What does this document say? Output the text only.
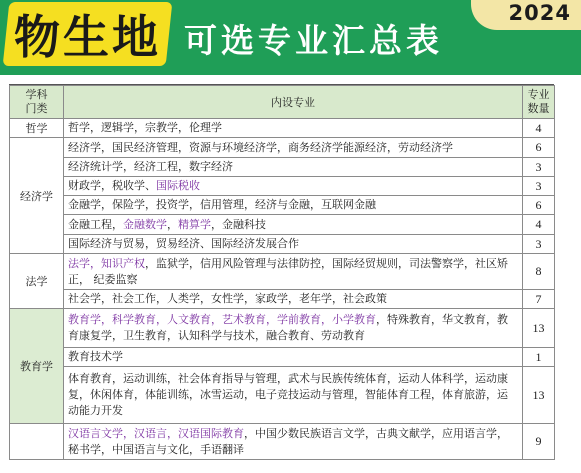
2024
物生地 可选专业汇总表
学科门类	内设专业	专业数量
哲学	哲学，逻辑学，宗教学，伦理学	4
经济学	经济学，国民经济管理，资源与环境经济学，商务经济学能源经济，劳动经济学	6
	经济统计学，经济工程，数字经济	3
	财政学，税收学、国际税收	3
	金融学，保险学，投资学，信用管理，经济与金融，互联网金融	6
	金融工程，金融数学，精算学，金融科技	4
	国际经济与贸易，贸易经济、国际经济发展合作	3
法学	法学，知识产权，监狱学，信用风险管理与法律防控，国际经贸规则，司法警察学，社区矫正， 纪委监察	8
	社会学，社会工作，人类学，女性学，家政学，老年学，社会政策	7
教育学	教育学，科学教育，人文教育，艺术教育，学前教育，小学教育，特殊教育，华文教育，教育康复学，卫生教育，认知科学与技术，融合教育、劳动教育	13
	教育技术学	1
	体育教育，运动训练，社会体育指导与管理，武术与民族传统体育，运动人体科学，运动康复，休闲体育，体能训练，冰雪运动，电子竞技运动与管理，智能体育工程，体育旅游，运动能力开发	13
	汉语言文学，汉语言，汉语国际教育，中国少数民族语言文学，古典文献学，应用语言学，秘书学，中国语言与文化，手语翻译	9
